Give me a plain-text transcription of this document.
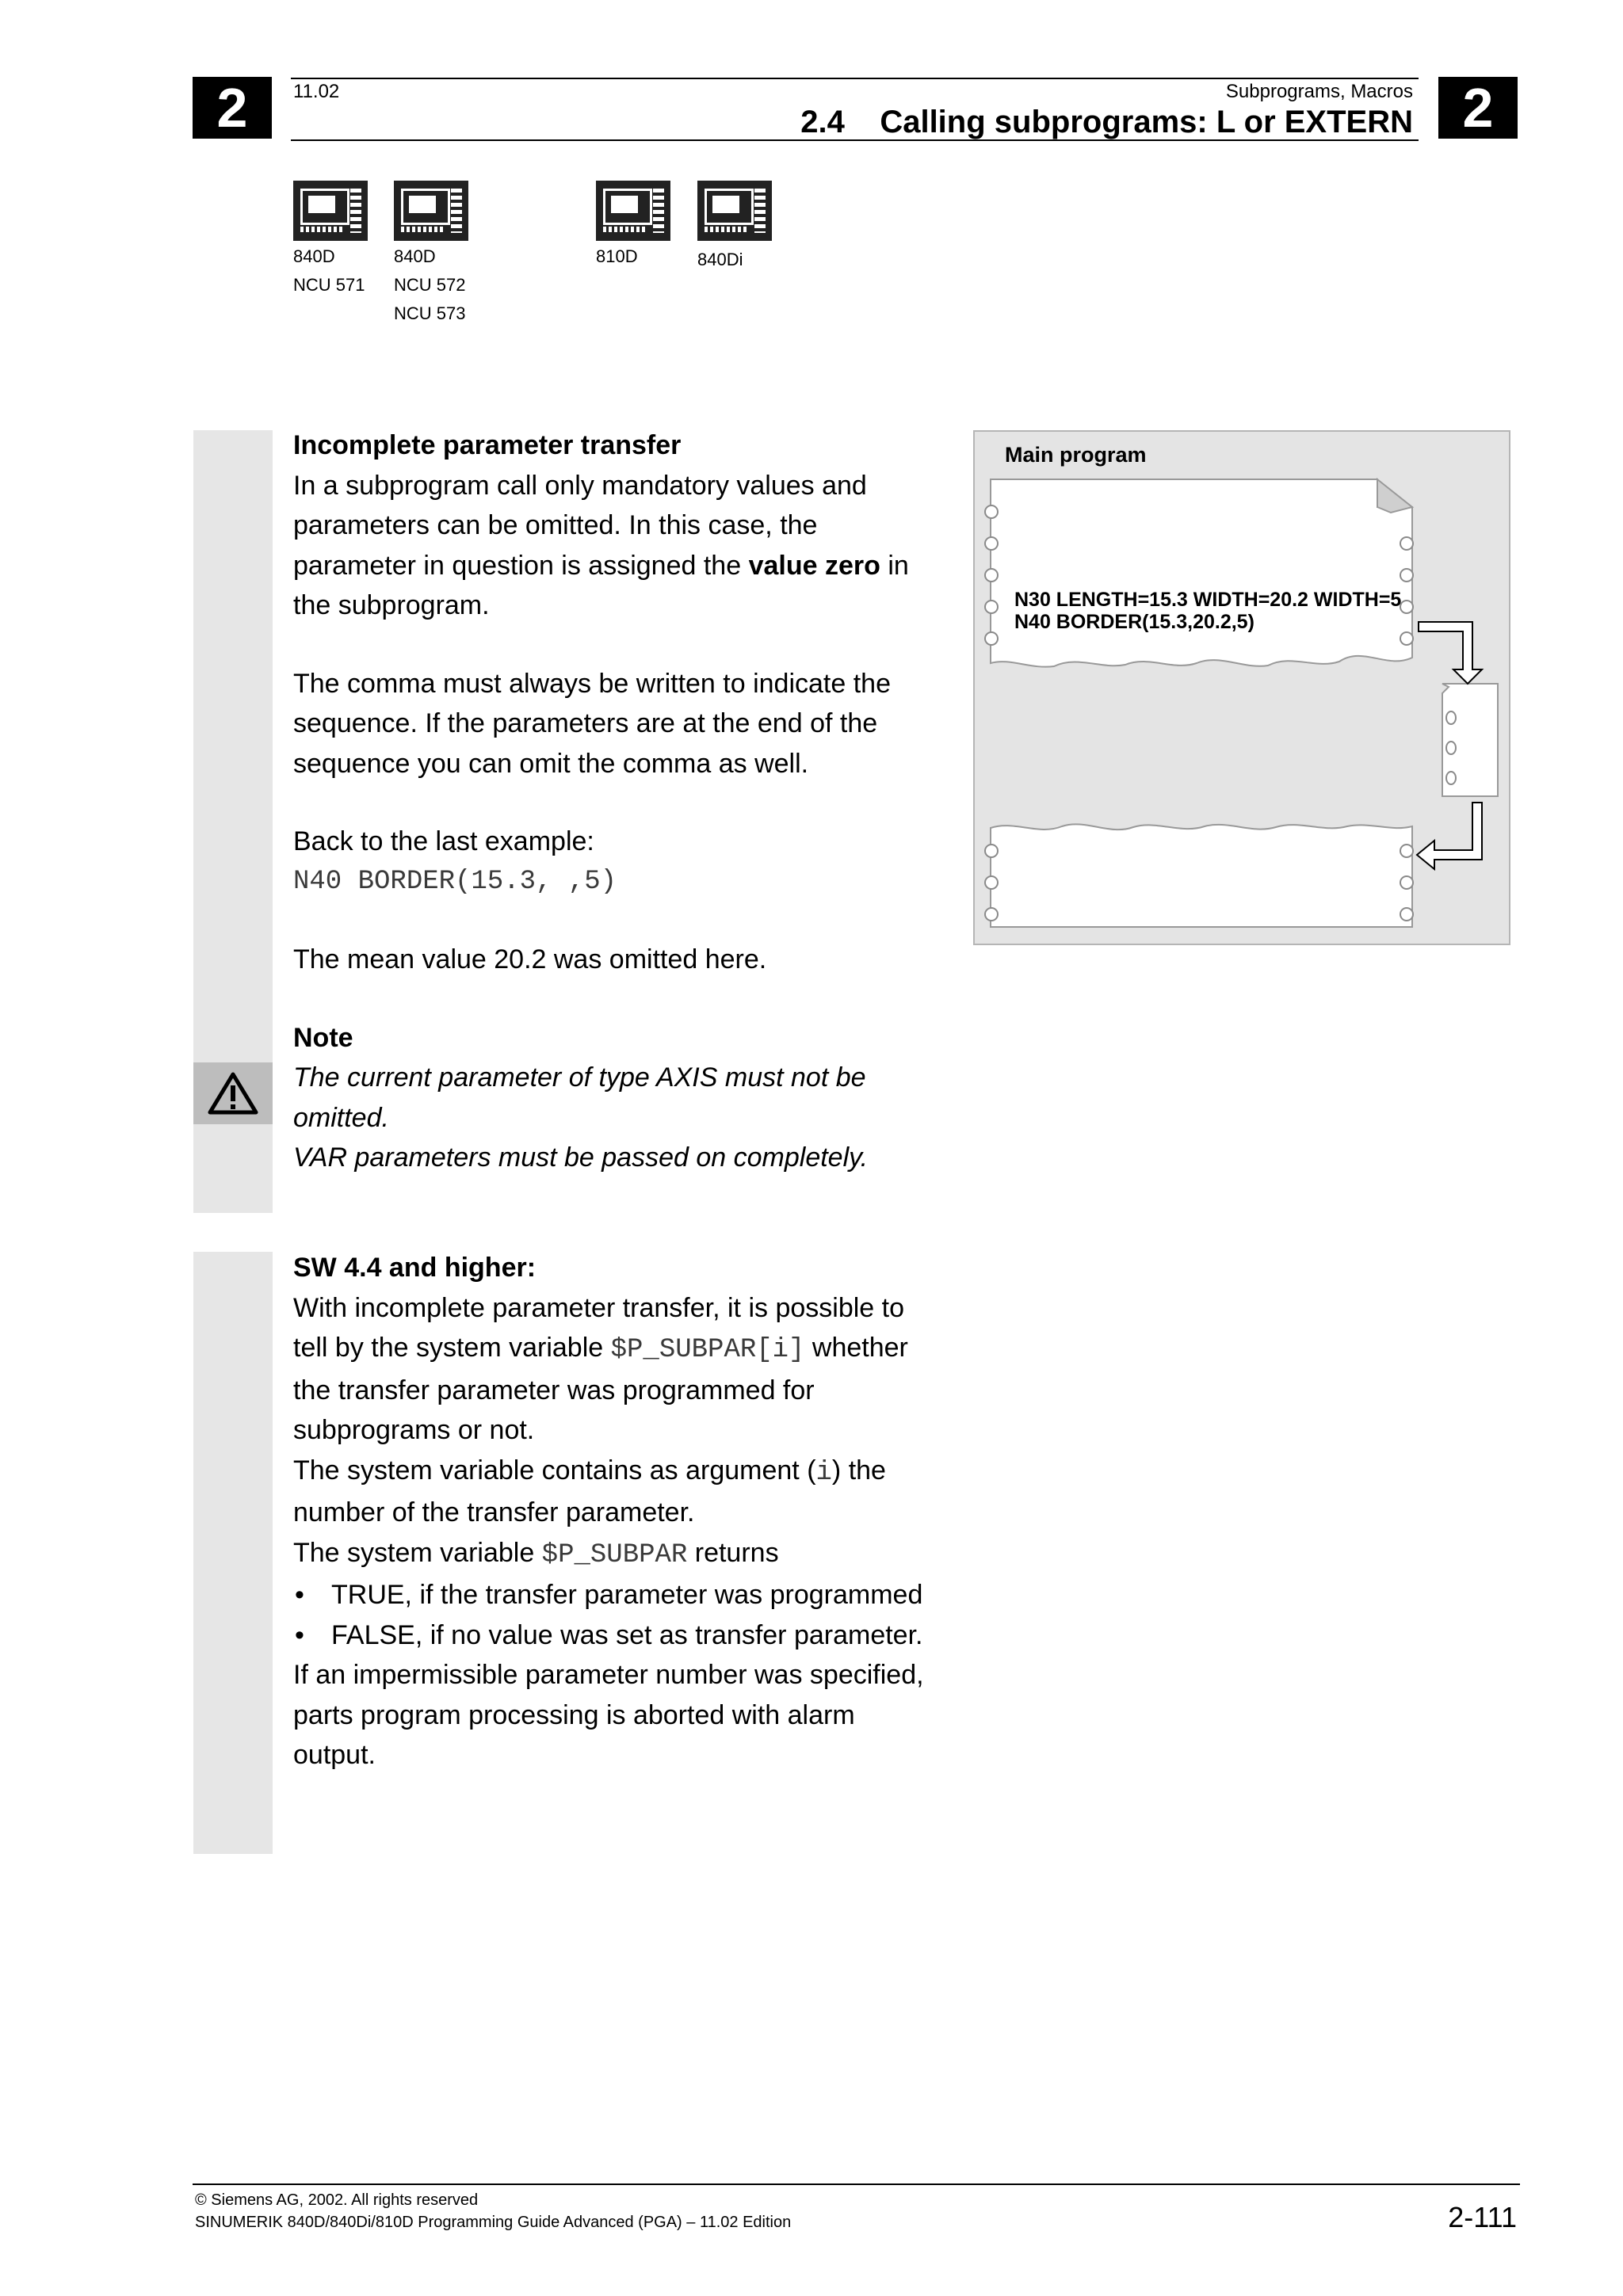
2	2
11.02	Subprograms, Macros
2.4    Calling subprograms: L or EXTERN
840D
NCU 571
840D
NCU 572
NCU 573
810D	840Di

Incomplete parameter transfer

In a subprogram call only mandatory values and parameters can be omitted. In this case, the parameter in question is assigned the value zero in the subprogram.

The comma must always be written to indicate the sequence. If the parameters are at the end of the sequence you can omit the comma as well.

Back to the last example:

N40 BORDER(15.3, ,5)

The mean value 20.2 was omitted here.

Note

The current parameter of type AXIS must not be omitted.

VAR parameters must be passed on completely.

Main program
N30 LENGTH=15.3 WIDTH=20.2 WIDTH=5
N40 BORDER(15.3,20.2,5)

SW 4.4 and higher:

With incomplete parameter transfer, it is possible to tell by the system variable $P_SUBPAR[i] whether the transfer parameter was programmed for subprograms or not.

The system variable contains as argument (i) the number of the transfer parameter.

The system variable $P_SUBPAR returns

• TRUE, if the transfer parameter was programmed

• FALSE, if no value was set as transfer parameter.

If an impermissible parameter number was specified, parts program processing is aborted with alarm output.

© Siemens AG, 2002. All rights reserved
SINUMERIK 840D/840Di/810D Programming Guide Advanced (PGA) – 11.02 Edition	2-111
